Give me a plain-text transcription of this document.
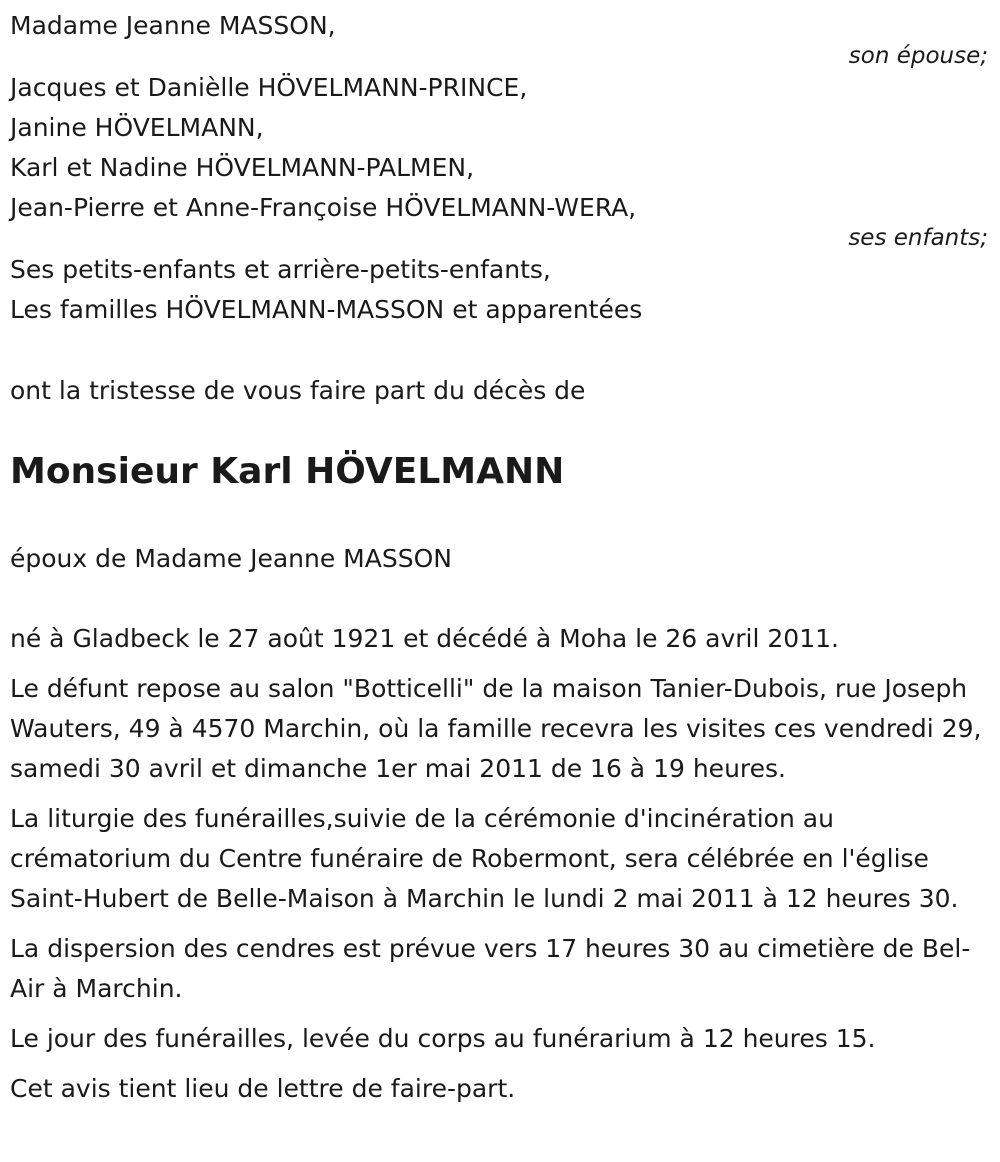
Madame Jeanne MASSON,

son épouse;

Jacques et Danièlle HÖVELMANN-PRINCE,

Janine HÖVELMANN,

Karl et Nadine HÖVELMANN-PALMEN,

Jean-Pierre et Anne-Françoise HÖVELMANN-WERA,

ses enfants;

Ses petits-enfants et arrière-petits-enfants,

Les familles HÖVELMANN-MASSON et apparentées

ont la tristesse de vous faire part du décès de

Monsieur Karl HÖVELMANN

époux de Madame Jeanne MASSON

né à Gladbeck le 27 août 1921 et décédé à Moha le 26 avril 2011.

Le défunt repose au salon "Botticelli" de la maison Tanier-Dubois, rue Joseph Wauters, 49 à 4570 Marchin, où la famille recevra les visites ces vendredi 29, samedi 30 avril et dimanche 1er mai 2011 de 16 à 19 heures.

La liturgie des funérailles,suivie de la cérémonie d'incinération au crématorium du Centre funéraire de Robermont, sera célébrée en l'église Saint-Hubert de Belle-Maison à Marchin le lundi 2 mai 2011 à 12 heures 30.

La dispersion des cendres est prévue vers 17 heures 30 au cimetière de Bel-Air à Marchin.

Le jour des funérailles, levée du corps au funérarium à 12 heures 15.

Cet avis tient lieu de lettre de faire-part.
